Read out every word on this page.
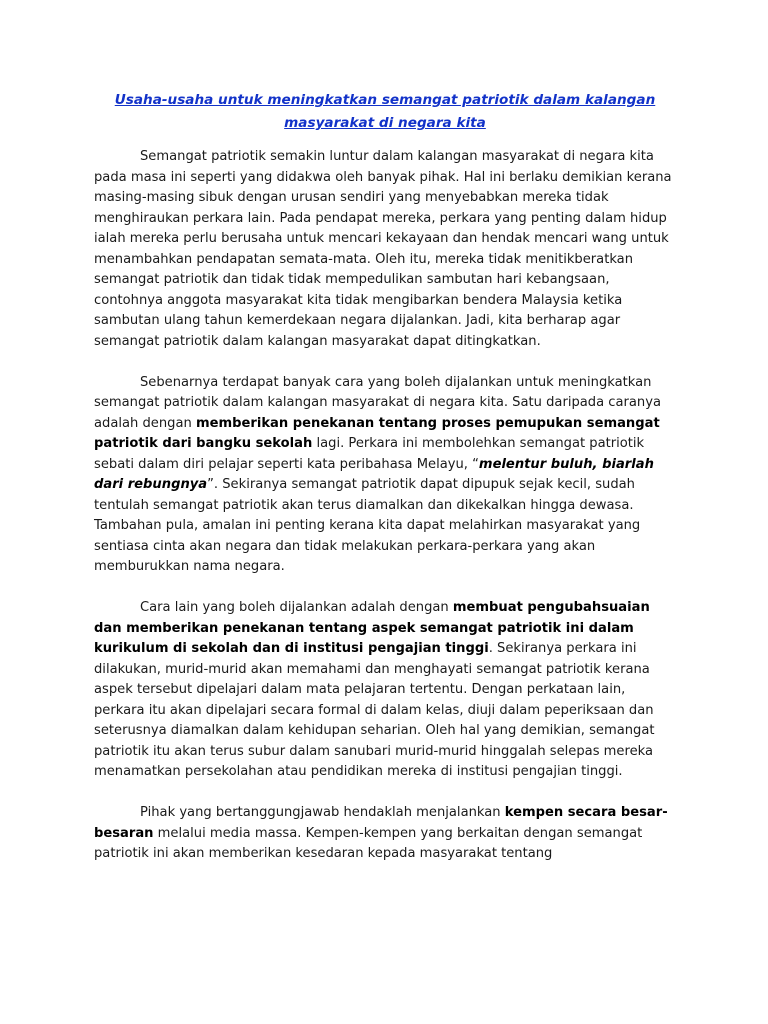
Usaha-usaha untuk meningkatkan semangat patriotik dalam kalangan masyarakat di negara kita

Semangat patriotik semakin luntur dalam kalangan masyarakat di negara kita pada masa ini seperti yang didakwa oleh banyak pihak. Hal ini berlaku demikian kerana masing-masing sibuk dengan urusan sendiri yang menyebabkan mereka tidak menghiraukan perkara lain. Pada pendapat mereka, perkara yang penting dalam hidup ialah mereka perlu berusaha untuk mencari kekayaan dan hendak mencari wang untuk menambahkan pendapatan semata-mata. Oleh itu, mereka tidak menitikberatkan semangat patriotik dan tidak tidak mempedulikan sambutan hari kebangsaan, contohnya anggota masyarakat kita tidak mengibarkan bendera Malaysia ketika sambutan ulang tahun kemerdekaan negara dijalankan. Jadi, kita berharap agar semangat patriotik dalam kalangan masyarakat dapat ditingkatkan.

Sebenarnya terdapat banyak cara yang boleh dijalankan untuk meningkatkan semangat patriotik dalam kalangan masyarakat di negara kita. Satu daripada caranya adalah dengan memberikan penekanan tentang proses pemupukan semangat patriotik dari bangku sekolah lagi. Perkara ini membolehkan semangat patriotik sebati dalam diri pelajar seperti kata peribahasa Melayu, “melentur buluh, biarlah dari rebungnya”. Sekiranya semangat patriotik dapat dipupuk sejak kecil, sudah tentulah semangat patriotik akan terus diamalkan dan dikekalkan hingga dewasa. Tambahan pula, amalan ini penting kerana kita dapat melahirkan masyarakat yang sentiasa cinta akan negara dan tidak melakukan perkara-perkara yang akan memburukkan nama negara.

Cara lain yang boleh dijalankan adalah dengan membuat pengubahsuaian dan memberikan penekanan tentang aspek semangat patriotik ini dalam kurikulum di sekolah dan di institusi pengajian tinggi. Sekiranya perkara ini dilakukan, murid-murid akan memahami dan menghayati semangat patriotik kerana aspek tersebut dipelajari dalam mata pelajaran tertentu. Dengan perkataan lain, perkara itu akan dipelajari secara formal di dalam kelas, diuji dalam peperiksaan dan seterusnya diamalkan dalam kehidupan seharian. Oleh hal yang demikian, semangat patriotik itu akan terus subur dalam sanubari murid-murid hinggalah selepas mereka menamatkan persekolahan atau pendidikan mereka di institusi pengajian tinggi.

Pihak yang bertanggungjawab hendaklah menjalankan kempen secara besar-besaran melalui media massa. Kempen-kempen yang berkaitan dengan semangat patriotik ini akan memberikan kesedaran kepada masyarakat tentang
